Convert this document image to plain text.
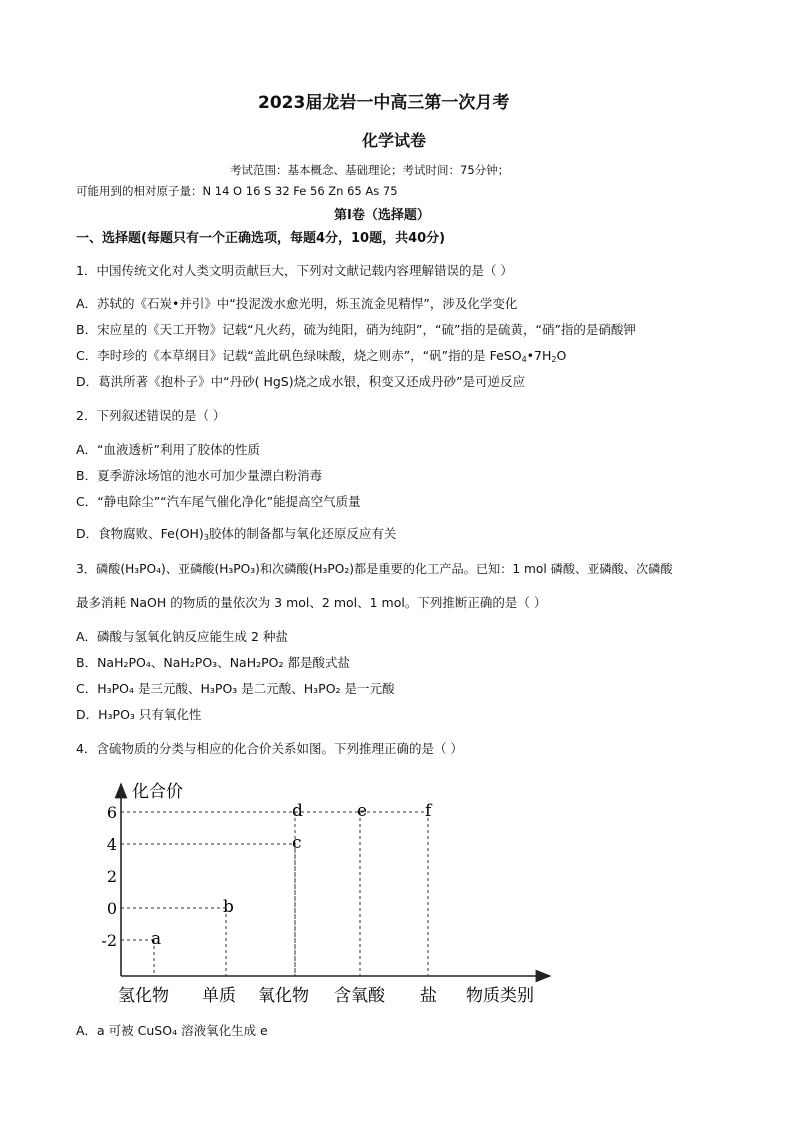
2023届龙岩一中高三第一次月考
化学试卷
考试范围：基本概念、基础理论；考试时间：75分钟；
可能用到的相对原子量：N 14 O 16 S 32 Fe 56 Zn 65 As 75
第Ⅰ卷（选择题）
一、选择题(每题只有一个正确选项，每题4分，10题，共40分)
1．中国传统文化对人类文明贡献巨大，下列对文献记载内容理解错误的是（ ）
A．苏轼的《石炭•并引》中“投泥泼水愈光明，烁玉流金见精悍”，涉及化学变化
B．宋应星的《天工开物》记载“凡火药，硫为纯阳，硝为纯阴”，“硫”指的是硫黄，“硝”指的是硝酸钾
C．李时珍的《本草纲目》记载“盖此矾色绿味酸，烧之则赤”，“矾”指的是 $FeSO_4•7H_2O$
D．葛洪所著《抱朴子》中“丹砂( HgS)烧之成水银，积变又还成丹砂”是可逆反应
2．下列叙述错误的是（ ）
A．“血液透析”利用了胶体的性质
B．夏季游泳场馆的池水可加少量漂白粉消毒
C．“静电除尘”“汽车尾气催化净化”能提高空气质量
D．食物腐败、$Fe(OH)_3$胶体的制备都与氧化还原反应有关
3．磷酸(H₃PO₄)、亚磷酸(H₃PO₃)和次磷酸(H₃PO₂)都是重要的化工产品。已知：1 mol 磷酸、亚磷酸、次磷酸
最多消耗 NaOH 的物质的量依次为 3 mol、2 mol、1 mol。下列推断正确的是（ ）
A．磷酸与氢氧化钠反应能生成 2 种盐
B．NaH₂PO₄、NaH₂PO₃、NaH₂PO₂ 都是酸式盐
C．H₃PO₄ 是三元酸、H₃PO₃ 是二元酸、H₃PO₂ 是一元酸
D．H₃PO₃ 只有氧化性
4．含硫物质的分类与相应的化合价关系如图。下列推理正确的是（ ）
化合价
物质类别
6
4
2
0
-2
氢化物 单质 氧化物 含氧酸 盐
a
b
c
d	e	f
A．a 可被 CuSO₄ 溶液氧化生成 e
